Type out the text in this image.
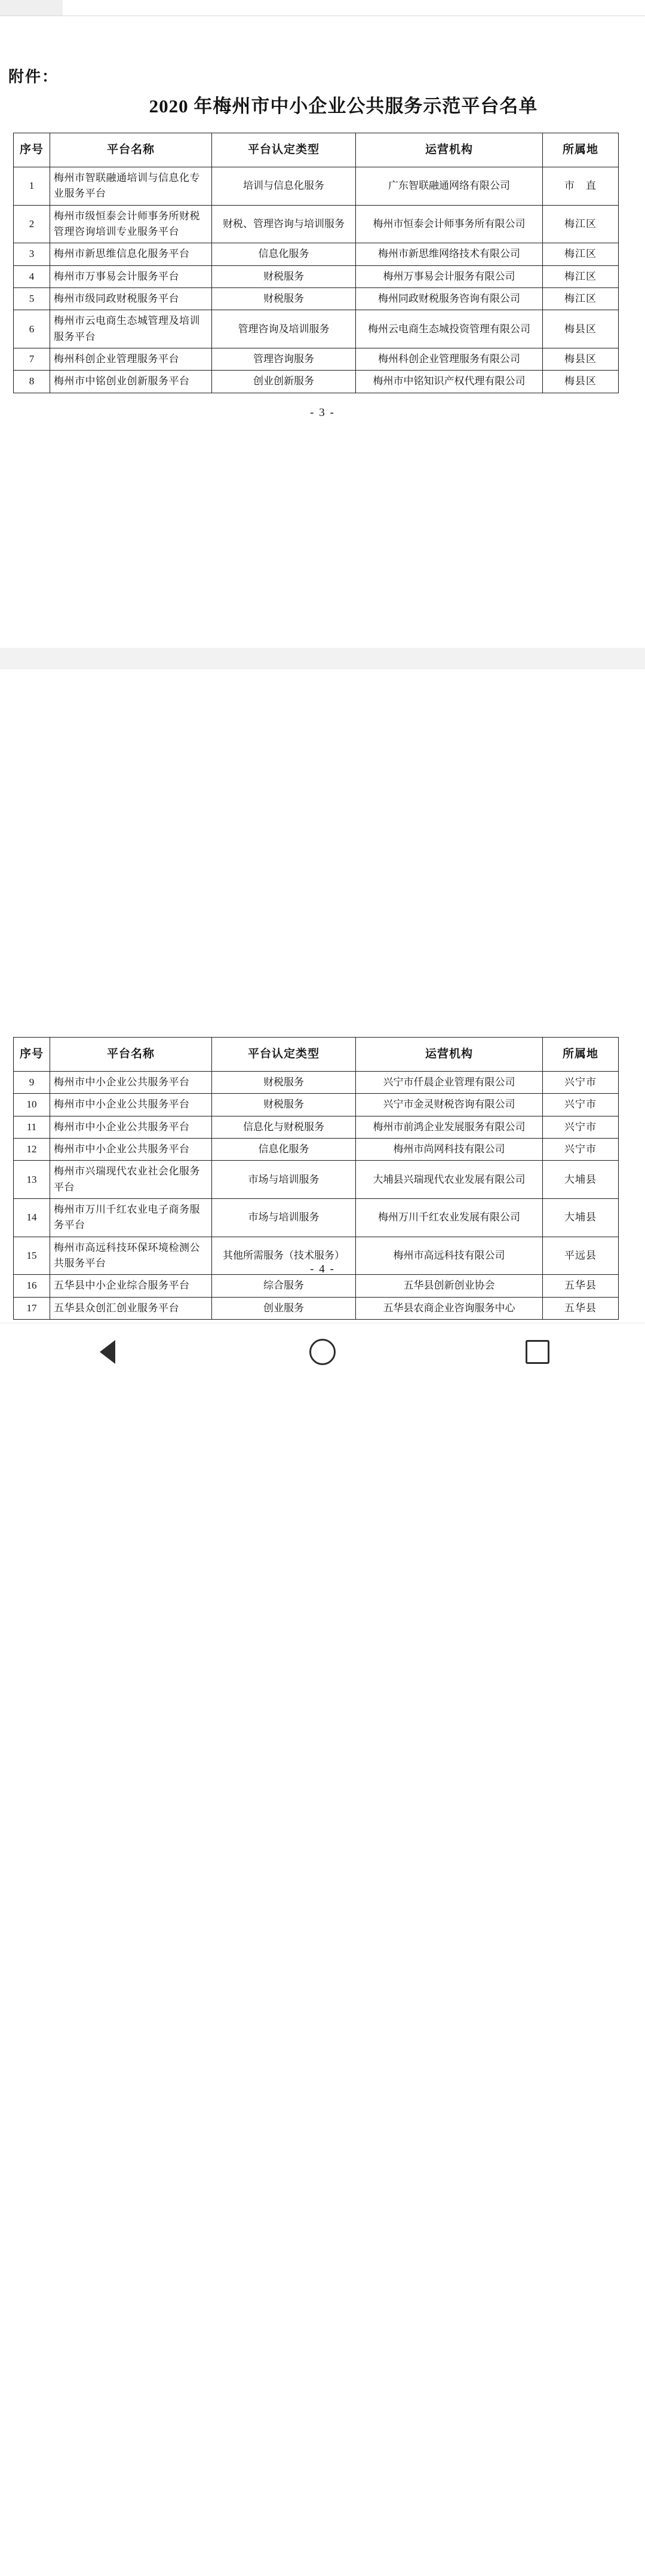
附件：
2020 年梅州市中小企业公共服务示范平台名单
序号	平台名称	平台认定类型	运营机构	所属地
1	梅州市智联融通培训与信息化专业服务平台	培训与信息化服务	广东智联融通网络有限公司	市　直
2	梅州市级恒泰会计师事务所财税管理咨询培训专业服务平台	财税、管理咨询与培训服务	梅州市恒泰会计师事务所有限公司	梅江区
3	梅州市新思维信息化服务平台	信息化服务	梅州市新思维网络技术有限公司	梅江区
4	梅州市万事易会计服务平台	财税服务	梅州万事易会计服务有限公司	梅江区
5	梅州市级同政财税服务平台	财税服务	梅州同政财税服务咨询有限公司	梅江区
6	梅州市云电商生态城管理及培训服务平台	管理咨询及培训服务	梅州云电商生态城投资管理有限公司	梅县区
7	梅州科创企业管理服务平台	管理咨询服务	梅州科创企业管理服务有限公司	梅县区
8	梅州市中铭创业创新服务平台	创业创新服务	梅州市中铭知识产权代理有限公司	梅县区
- 3 -
序号	平台名称	平台认定类型	运营机构	所属地
9	梅州市中小企业公共服务平台	财税服务	兴宁市仟晨企业管理有限公司	兴宁市
10	梅州市中小企业公共服务平台	财税服务	兴宁市金灵财税咨询有限公司	兴宁市
11	梅州市中小企业公共服务平台	信息化与财税服务	梅州市前鸿企业发展服务有限公司	兴宁市
12	梅州市中小企业公共服务平台	信息化服务	梅州市尚网科技有限公司	兴宁市
13	梅州市兴瑞现代农业社会化服务平台	市场与培训服务	大埔县兴瑞现代农业发展有限公司	大埔县
14	梅州市万川千红农业电子商务服务平台	市场与培训服务	梅州万川千红农业发展有限公司	大埔县
15	梅州市高远科技环保环境检测公共服务平台	其他所需服务（技术服务）	梅州市高远科技有限公司	平远县
16	五华县中小企业综合服务平台	综合服务	五华县创新创业协会	五华县
17	五华县众创汇创业服务平台	创业服务	五华县农商企业咨询服务中心	五华县
- 4 -
